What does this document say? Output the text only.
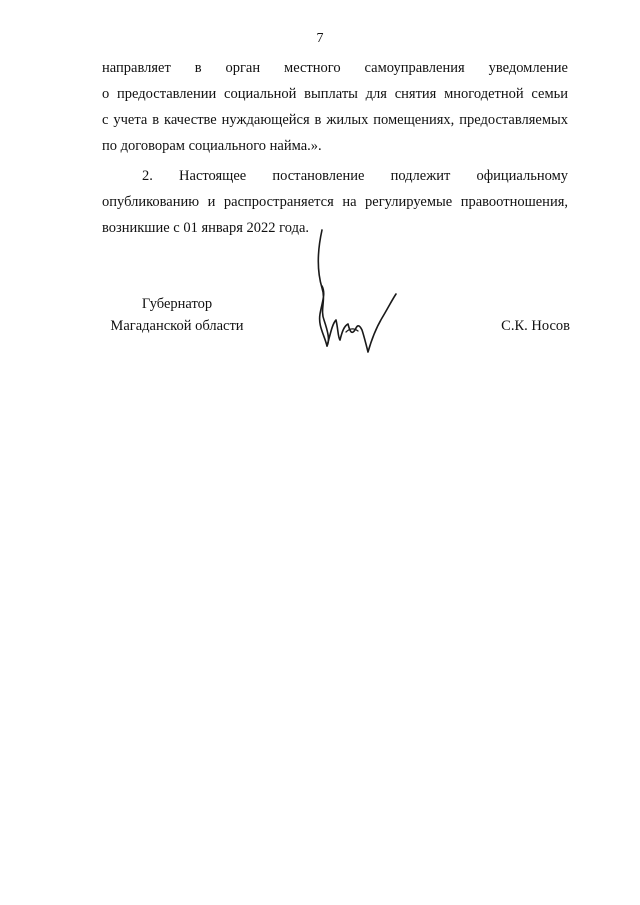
7
направляет в орган местного самоуправления уведомление
о предоставлении социальной выплаты для снятия многодетной семьи
с учета в качестве нуждающейся в жилых помещениях, предоставляемых
по договорам социального найма.».
2. Настоящее постановление подлежит официальному
опубликованию и распространяется на регулируемые правоотношения,
возникшие с 01 января 2022 года.
Губернатор
Магаданской области	С.К. Носов
